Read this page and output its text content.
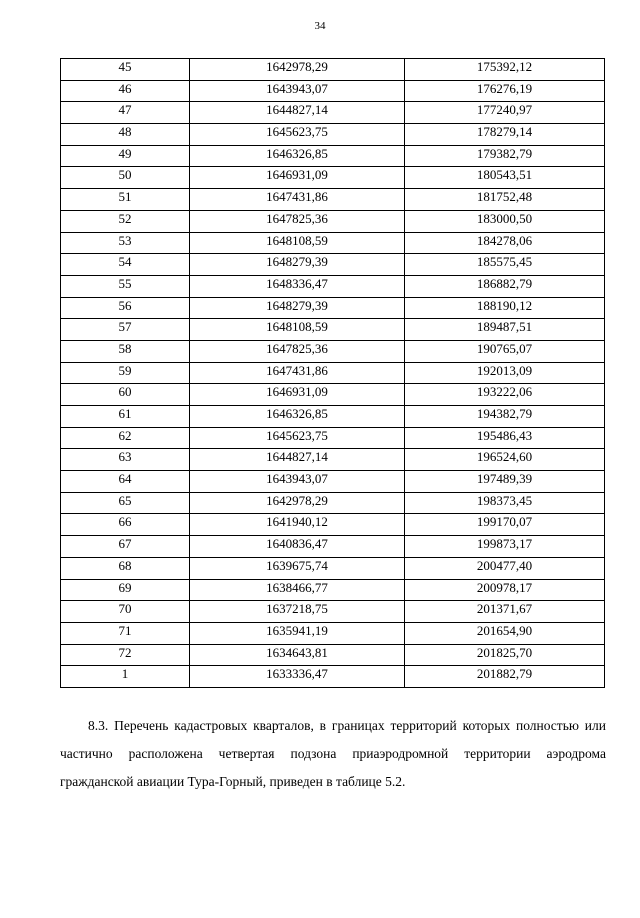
34
45	1642978,29	175392,12
46	1643943,07	176276,19
47	1644827,14	177240,97
48	1645623,75	178279,14
49	1646326,85	179382,79
50	1646931,09	180543,51
51	1647431,86	181752,48
52	1647825,36	183000,50
53	1648108,59	184278,06
54	1648279,39	185575,45
55	1648336,47	186882,79
56	1648279,39	188190,12
57	1648108,59	189487,51
58	1647825,36	190765,07
59	1647431,86	192013,09
60	1646931,09	193222,06
61	1646326,85	194382,79
62	1645623,75	195486,43
63	1644827,14	196524,60
64	1643943,07	197489,39
65	1642978,29	198373,45
66	1641940,12	199170,07
67	1640836,47	199873,17
68	1639675,74	200477,40
69	1638466,77	200978,17
70	1637218,75	201371,67
71	1635941,19	201654,90
72	1634643,81	201825,70
1	1633336,47	201882,79
8.3. Перечень кадастровых кварталов, в границах территорий которых полностью или частично расположена четвертая подзона приаэродромной территории аэродрома гражданской авиации Тура-Горный, приведен в таблице 5.2.
